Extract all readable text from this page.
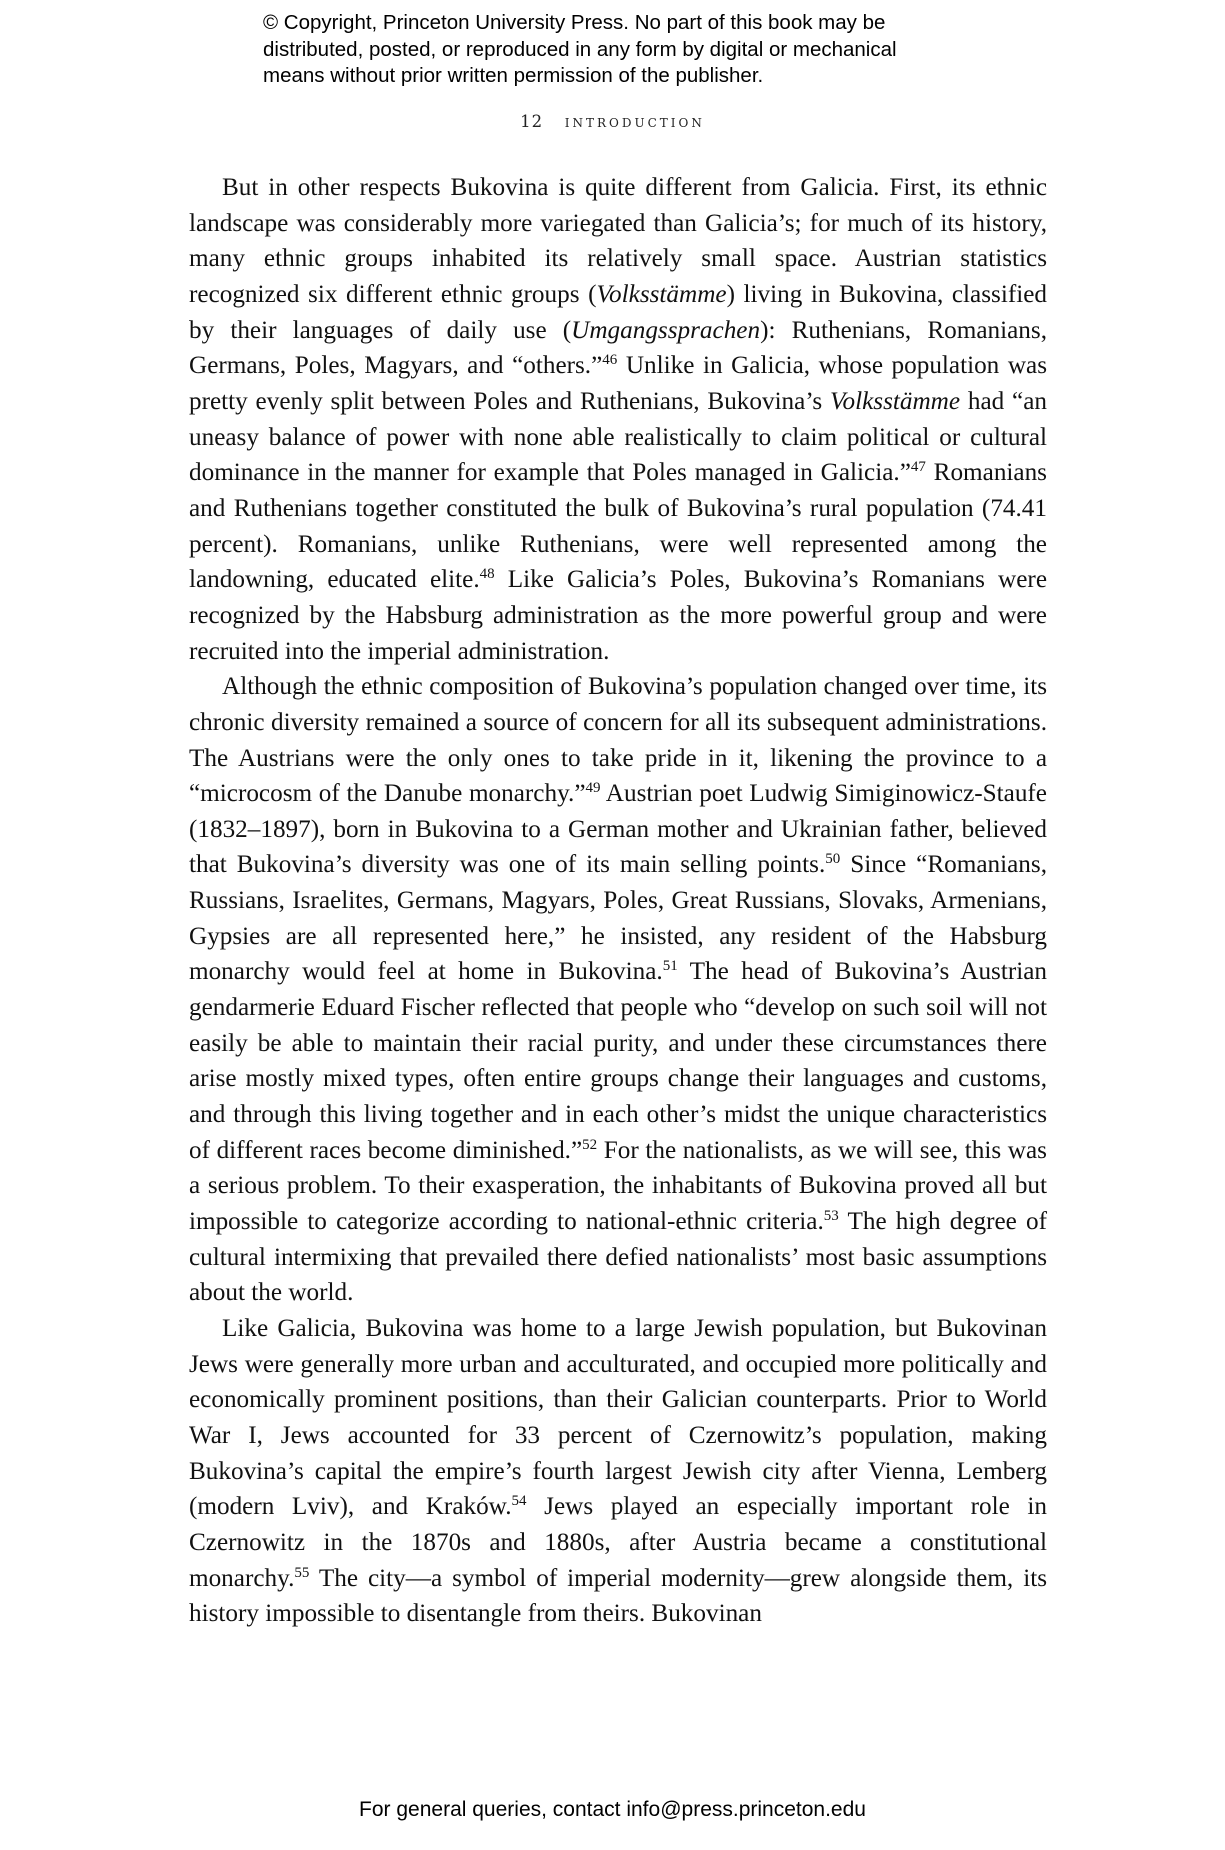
© Copyright, Princeton University Press. No part of this book may be
distributed, posted, or reproduced in any form by digital or mechanical
means without prior written permission of the publisher.
12 introduction

But in other respects Bukovina is quite different from Galicia. First, its ethnic landscape was considerably more variegated than Galicia’s; for much of its history, many ethnic groups inhabited its relatively small space. Austrian statistics recognized six different ethnic groups (Volksstämme) living in Bukovina, classified by their languages of daily use (Umgangssprachen): Ruthenians, Romanians, Germans, Poles, Magyars, and “others.”$^{46}$ Unlike in Galicia, whose population was pretty evenly split between Poles and Ruthenians, Bukovina’s Volksstämme had “an uneasy balance of power with none able realistically to claim political or cultural dominance in the manner for example that Poles managed in Galicia.”$^{47}$ Romanians and Ruthenians together constituted the bulk of Bukovina’s rural population (74.41 percent). Romanians, unlike Ruthenians, were well represented among the landowning, educated elite.$^{48}$ Like Galicia’s Poles, Bukovina’s Romanians were recognized by the Habsburg administration as the more powerful group and were recruited into the imperial administration.

Although the ethnic composition of Bukovina’s population changed over time, its chronic diversity remained a source of concern for all its subsequent administrations. The Austrians were the only ones to take pride in it, likening the province to a “microcosm of the Danube monarchy.”$^{49}$ Austrian poet Ludwig Simiginowicz-Staufe (1832–1897), born in Bukovina to a German mother and Ukrainian father, believed that Bukovina’s diversity was one of its main selling points.$^{50}$ Since “Romanians, Russians, Israelites, Germans, Magyars, Poles, Great Russians, Slovaks, Armenians, Gypsies are all represented here,” he insisted, any resident of the Habsburg monarchy would feel at home in Bukovina.$^{51}$ The head of Bukovina’s Austrian gendarmerie Eduard Fischer reflected that people who “develop on such soil will not easily be able to maintain their racial purity, and under these circumstances there arise mostly mixed types, often entire groups change their languages and customs, and through this living together and in each other’s midst the unique characteristics of different races become diminished.”$^{52}$ For the nationalists, as we will see, this was a serious problem. To their exasperation, the inhabitants of Bukovina proved all but impossible to categorize according to national-ethnic criteria.$^{53}$ The high degree of cultural intermixing that prevailed there defied nationalists’ most basic assumptions about the world.

Like Galicia, Bukovina was home to a large Jewish population, but Bukovinan Jews were generally more urban and acculturated, and occupied more politically and economically prominent positions, than their Galician counterparts. Prior to World War I, Jews accounted for 33 percent of Czernowitz’s population, making Bukovina’s capital the empire’s fourth largest Jewish city after Vienna, Lemberg (modern Lviv), and Kraków.$^{54}$ Jews played an especially important role in Czernowitz in the 1870s and 1880s, after Austria became a constitutional monarchy.$^{55}$ The city—a symbol of imperial modernity—grew alongside them, its history impossible to disentangle from theirs. Bukovinan

For general queries, contact info@press.princeton.edu
